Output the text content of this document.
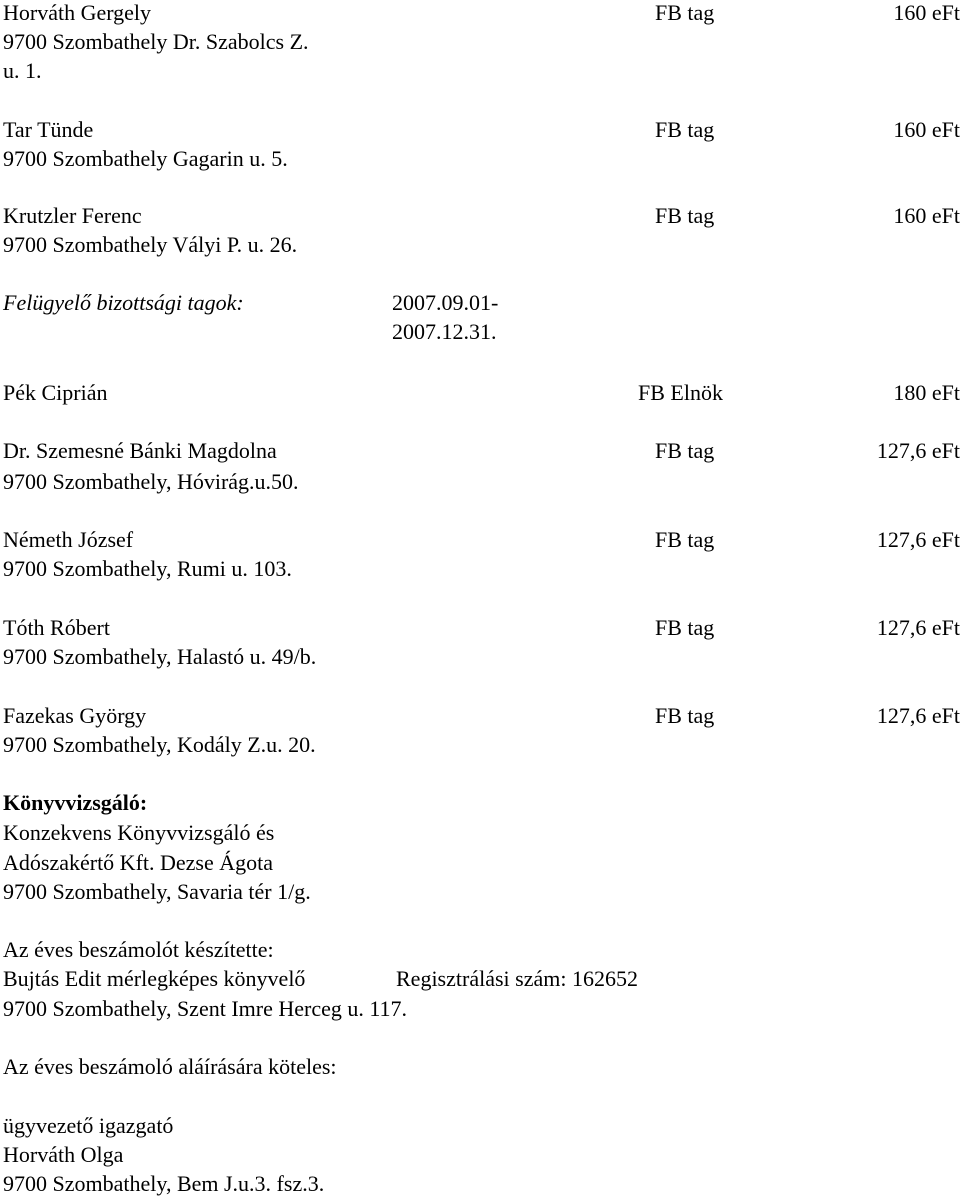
Horváth Gergely	FB tag	160 eFt
9700 Szombathely Dr. Szabolcs Z.
u. 1.
Tar Tünde	FB tag	160 eFt
9700 Szombathely Gagarin u. 5.
Krutzler Ferenc	FB tag	160 eFt
9700 Szombathely Vályi P. u. 26.
Felügyelő bizottsági tagok:	2007.09.01-
2007.12.31.
Pék Ciprián	FB Elnök	180 eFt
Dr. Szemesné Bánki Magdolna	FB tag	127,6 eFt
9700 Szombathely, Hóvirág.u.50.
Németh József	FB tag	127,6 eFt
9700 Szombathely, Rumi u. 103.
Tóth Róbert	FB tag	127,6 eFt
9700 Szombathely, Halastó u. 49/b.
Fazekas György	FB tag	127,6 eFt
9700 Szombathely, Kodály Z.u. 20.
Könyvvizsgáló:
Konzekvens Könyvvizsgáló és
Adószakértő Kft. Dezse Ágota
9700 Szombathely, Savaria tér 1/g.
Az éves beszámolót készítette:
Bujtás Edit mérlegképes könyvelő	Regisztrálási szám: 162652
9700 Szombathely, Szent Imre Herceg u. 117.
Az éves beszámoló aláírására köteles:
ügyvezető igazgató
Horváth Olga
9700 Szombathely, Bem J.u.3. fsz.3.
